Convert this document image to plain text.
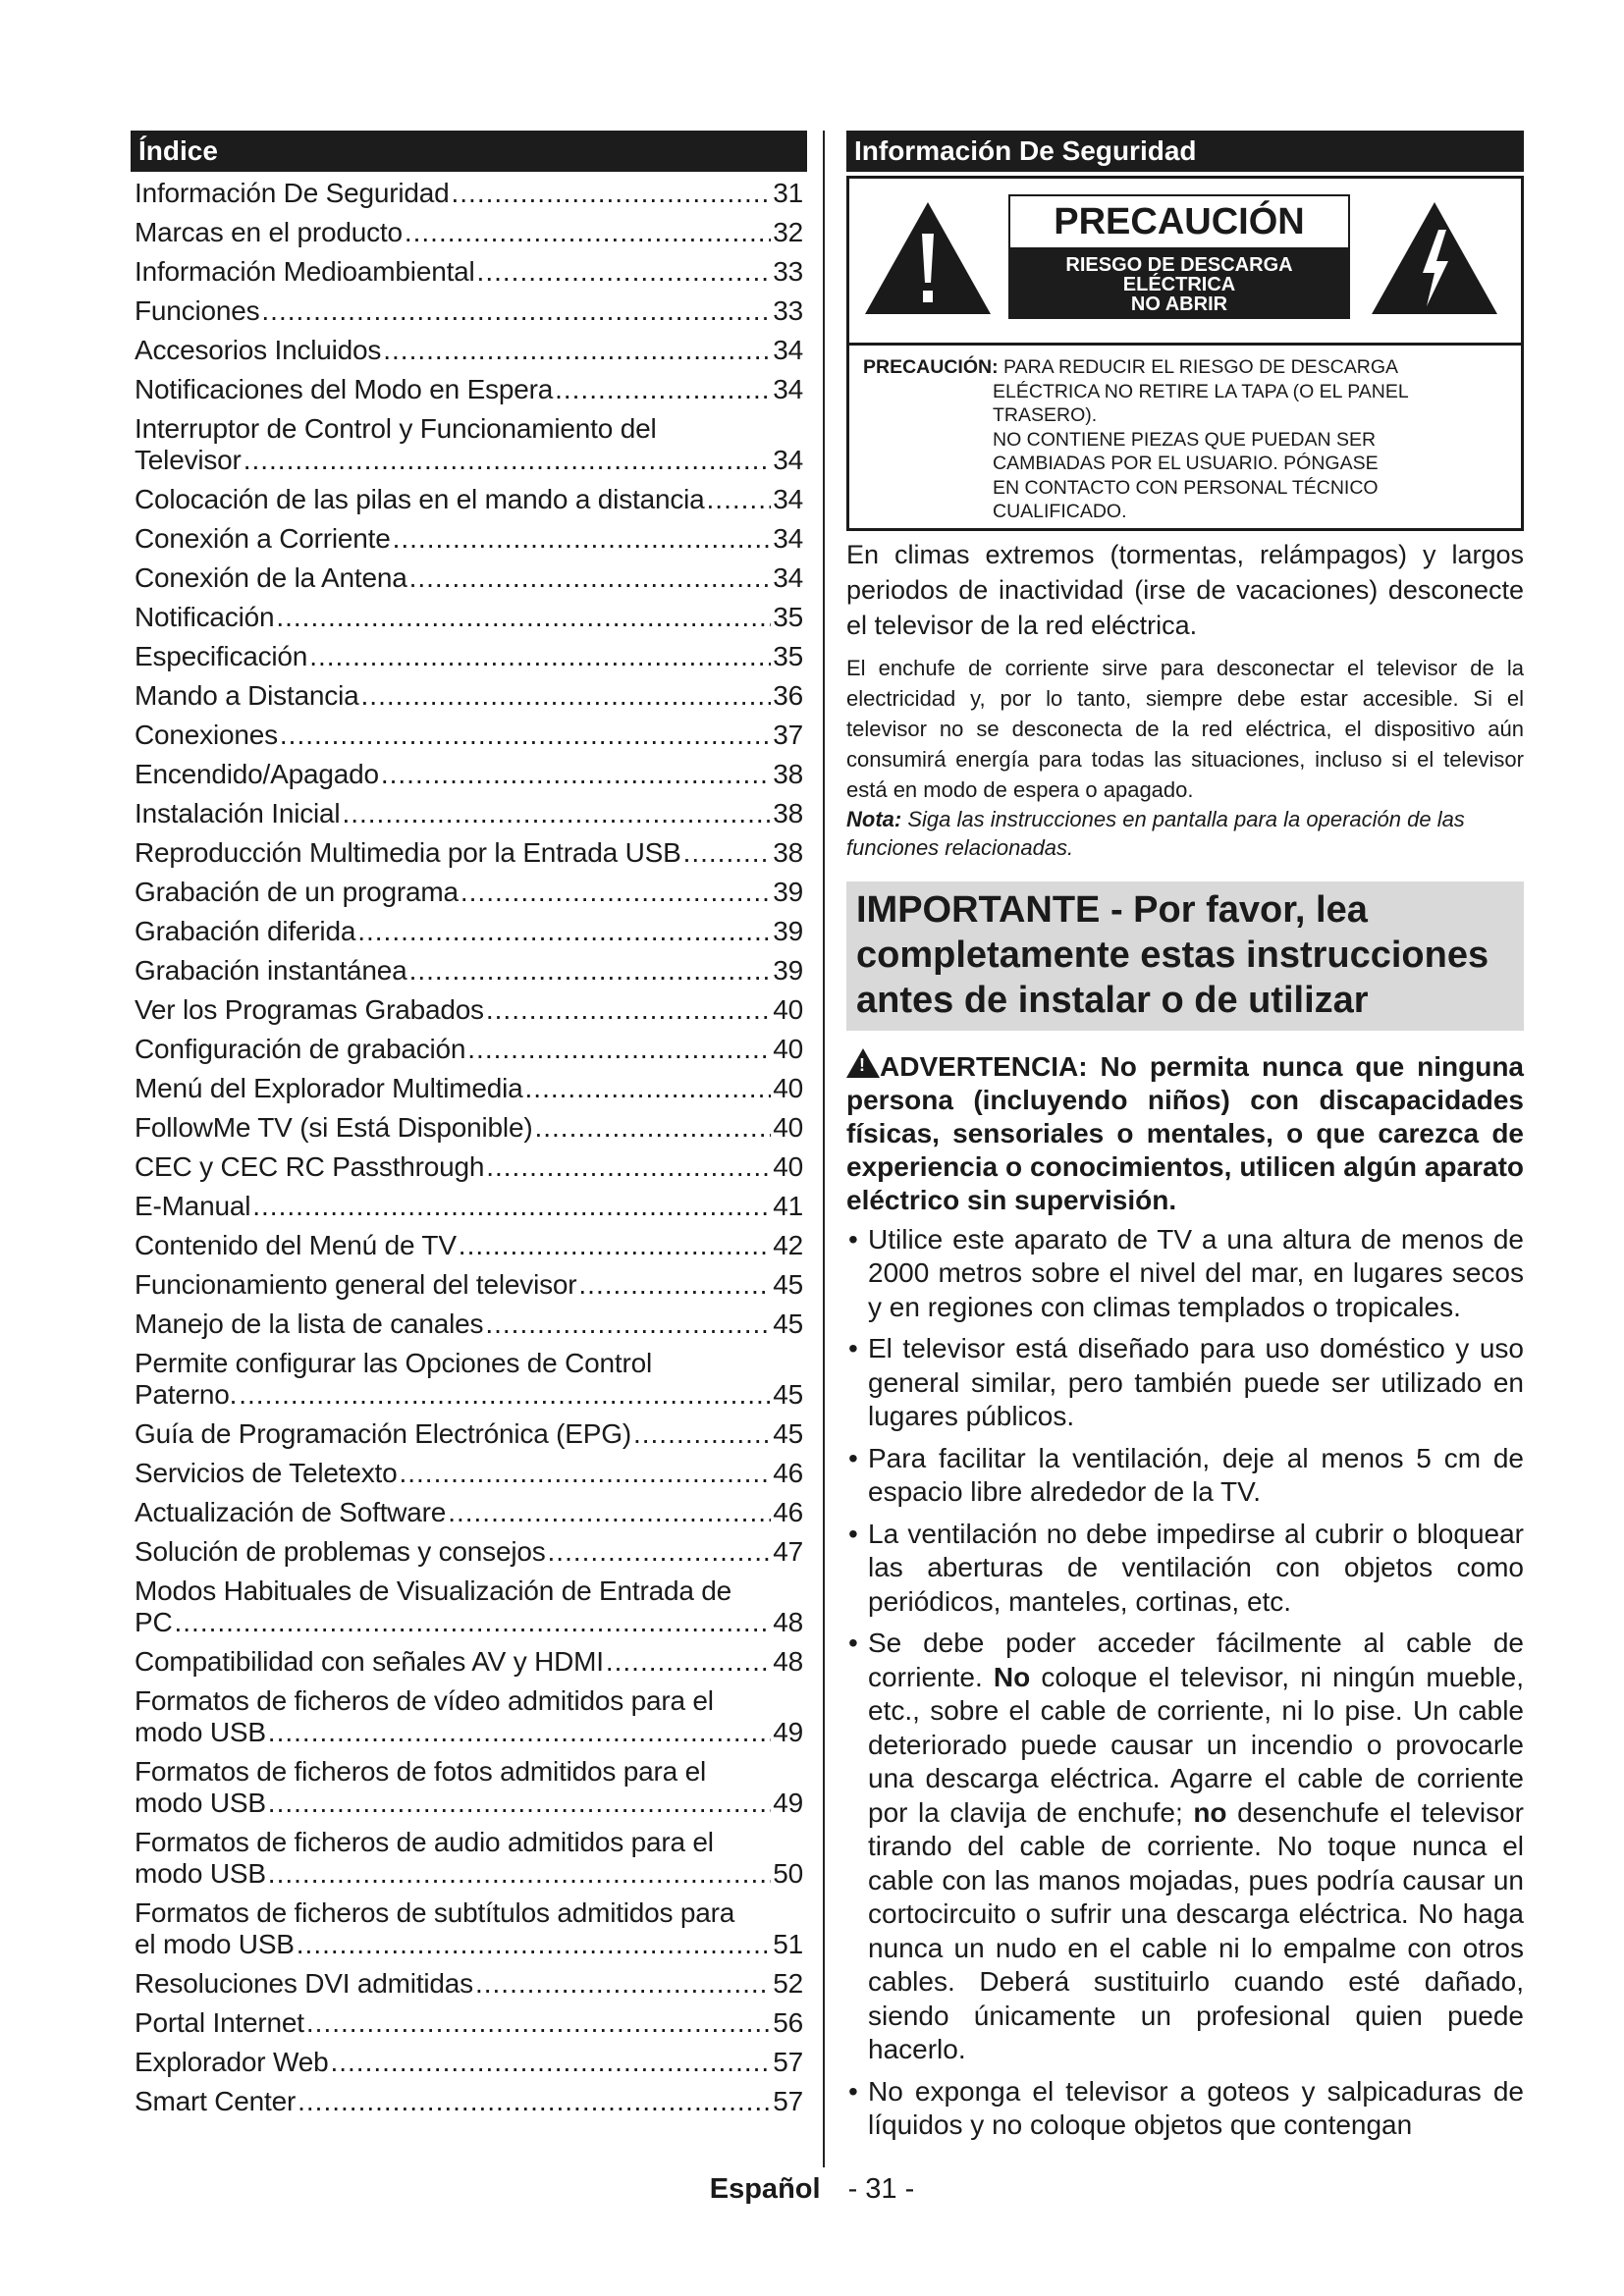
Índice
Información De Seguridad .....	31
Marcas en el producto .....	32
Información Medioambiental .....	33
Funciones .....	33
Accesorios Incluidos .....	34
Notificaciones del Modo en Espera .....	34
Interruptor de Control y Funcionamiento del
Televisor .....	34
Colocación de las pilas en el mando a distancia ..... 34
Conexión a Corriente .....	34
Conexión de la Antena .....	34
Notificación .....	35
Especificación .....	35
Mando a Distancia .....	36
Conexiones .....	37
Encendido/Apagado .....	38
Instalación Inicial .....	38
Reproducción Multimedia por la Entrada USB .....	38
Grabación de un programa .....	39
Grabación diferida .....	39
Grabación instantánea .....	39
Ver los Programas Grabados .....	40
Configuración de grabación .....	40
Menú del Explorador Multimedia .....	40
FollowMe TV (si Está Disponible) .....	40
CEC y CEC RC Passthrough .....	40
E-Manual .....	41
Contenido del Menú de TV .....	42
Funcionamiento general del televisor .....	45
Manejo de la lista de canales .....	45
Permite configurar las Opciones de Control
Paterno. .....	45
Guía de Programación Electrónica (EPG) .....	45
Servicios de Teletexto .....	46
Actualización de Software .....	46
Solución de problemas y consejos .....	47
Modos Habituales de Visualización de Entrada de
PC .....	48
Compatibilidad con señales AV y HDMI .....	48
Formatos de ficheros de vídeo admitidos para el
modo USB .....	49
Formatos de ficheros de fotos admitidos para el
modo USB .....	49
Formatos de ficheros de audio admitidos para el
modo USB .....	50
Formatos de ficheros de subtítulos admitidos para
el modo USB .....	51
Resoluciones DVI admitidas .....	52
Portal Internet .....	56
Explorador Web .....	57
Smart Center .....	57
Información De Seguridad
PRECAUCIÓN
RIESGO DE DESCARGA
ELÉCTRICA
NO ABRIR
PRECAUCIÓN: PARA REDUCIR EL RIESGO DE DESCARGA
ELÉCTRICA NO RETIRE LA TAPA (O EL PANEL
TRASERO).
NO CONTIENE PIEZAS QUE PUEDAN SER
CAMBIADAS POR EL USUARIO. PÓNGASE
EN CONTACTO CON PERSONAL TÉCNICO
CUALIFICADO.
En climas extremos (tormentas, relámpagos) y largos periodos de inactividad (irse de vacaciones) desconecte el televisor de la red eléctrica.
El enchufe de corriente sirve para desconectar el televisor de la electricidad y, por lo tanto, siempre debe estar accesible. Si el televisor no se desconecta de la red eléctrica, el dispositivo aún consumirá energía para todas las situaciones, incluso si el televisor está en modo de espera o apagado.
Nota: Siga las instrucciones en pantalla para la operación de las funciones relacionadas.
IMPORTANTE - Por favor, lea completamente estas instrucciones antes de instalar o de utilizar
!ADVERTENCIA: No permita nunca que ninguna persona (incluyendo niños) con discapacidades físicas, sensoriales o mentales, o que carezca de experiencia o conocimientos, utilicen algún aparato eléctrico sin supervisión.
• Utilice este aparato de TV a una altura de menos de 2000 metros sobre el nivel del mar, en lugares secos y en regiones con climas templados o tropicales.
• El televisor está diseñado para uso doméstico y uso general similar, pero también puede ser utilizado en lugares públicos.
• Para facilitar la ventilación, deje al menos 5 cm de espacio libre alrededor de la TV.
• La ventilación no debe impedirse al cubrir o bloquear las aberturas de ventilación con objetos como periódicos, manteles, cortinas, etc.
• Se debe poder acceder fácilmente al cable de corriente. No coloque el televisor, ni ningún mueble, etc., sobre el cable de corriente, ni lo pise. Un cable deteriorado puede causar un incendio o provocarle una descarga eléctrica. Agarre el cable de corriente por la clavija de enchufe; no desenchufe el televisor tirando del cable de corriente. No toque nunca el cable con las manos mojadas, pues podría causar un cortocircuito o sufrir una descarga eléctrica. No haga nunca un nudo en el cable ni lo empalme con otros cables. Deberá sustituirlo cuando esté dañado, siendo únicamente un profesional quien puede hacerlo.
• No exponga el televisor a goteos y salpicaduras de líquidos y no coloque objetos que contengan
Español - 31 -
